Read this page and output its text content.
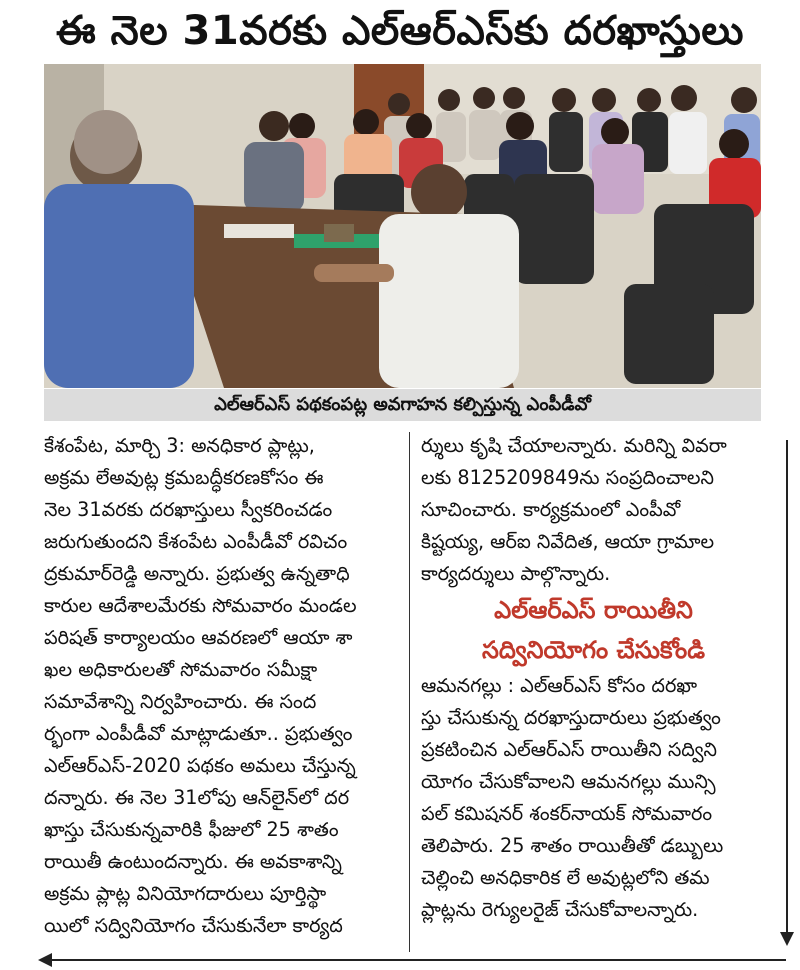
ఈ నెల 31వరకు ఎల్ఆర్ఎస్‌కు దరఖాస్తులు
ఎల్ఆర్ఎస్ పథకంపట్ల అవగాహన కల్పిస్తున్న ఎంపీడీవో
కేశంపేట, మార్చి 3: అనధికార ప్లాట్లు,
అక్రమ లేఅవుట్ల క్రమబద్ధీకరణకోసం ఈ
నెల 31వరకు దరఖాస్తులు స్వీకరించడం
జరుగుతుందని కేశంపేట ఎంపీడీవో రవిచం
ద్రకుమార్‌రెడ్డి అన్నారు. ప్రభుత్వ ఉన్నతాధి
కారుల ఆదేశాలమేరకు సోమవారం మండల
పరిషత్ కార్యాలయం ఆవరణలో ఆయా శా
ఖల అధికారులతో సోమవారం సమీక్షా
సమావేశాన్ని నిర్వహించారు. ఈ సంద
ర్భంగా ఎంపీడీవో మాట్లాడుతూ.. ప్రభుత్వం
ఎల్ఆర్ఎస్-2020 పథకం అమలు చేస్తున్న
దన్నారు. ఈ నెల 31లోపు ఆన్‌లైన్‌లో దర
ఖాస్తు చేసుకున్నవారికి ఫీజులో 25 శాతం
రాయితీ ఉంటుందన్నారు. ఈ అవకాశాన్ని
అక్రమ ప్లాట్ల వినియోగదారులు పూర్తిస్థా
యిలో సద్వినియోగం చేసుకునేలా కార్యద
ర్శులు కృషి చేయాలన్నారు. మరిన్ని వివరా
లకు 8125209849ను సంప్రదించాలని
సూచించారు. కార్యక్రమంలో ఎంపీవో
కిష్టయ్య, ఆర్ఐ నివేదిత, ఆయా గ్రామాల
కార్యదర్శులు పాల్గొన్నారు.
ఎల్ఆర్ఎస్ రాయితీని
సద్వినియోగం చేసుకోండి
ఆమనగల్లు : ఎల్ఆర్ఎస్ కోసం దరఖా
స్తు చేసుకున్న దరఖాస్తుదారులు ప్రభుత్వం
ప్రకటించిన ఎల్ఆర్ఎస్ రాయితీని సద్విని
యోగం చేసుకోవాలని ఆమనగల్లు మున్సి
పల్ కమిషనర్ శంకర్‌నాయక్ సోమవారం
తెలిపారు. 25 శాతం రాయితీతో డబ్బులు
చెల్లించి అనధికారిక లే అవుట్లలోని తమ
ప్లాట్లను రెగ్యులరైజ్ చేసుకోవాలన్నారు.
